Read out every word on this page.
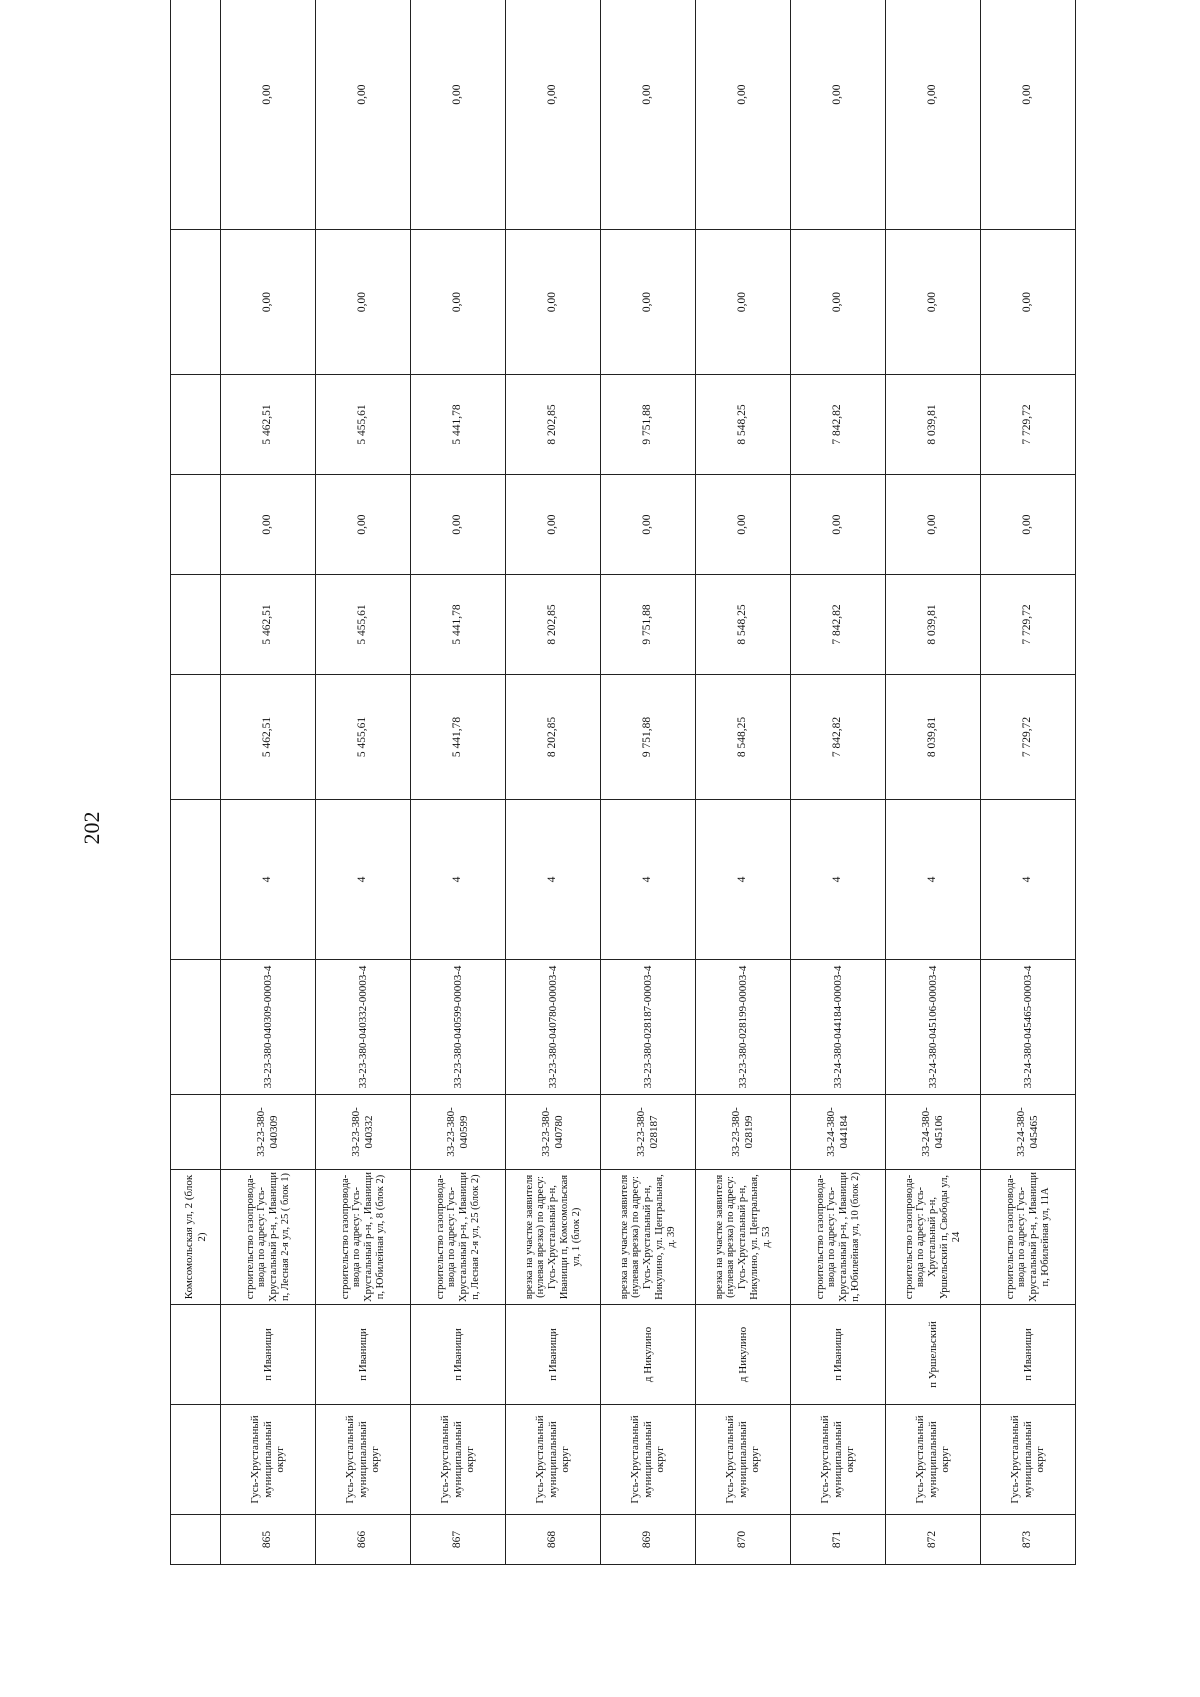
202
			Комсомольская ул, 2 (блок 2)									
865	Гусь-Хрустальный муниципальный округ	п Иванищи	строительство газопровода-ввода по адресу: Гусь-Хрустальный р-н, , Иванищи п, Лесная 2-я ул, 25 ( блок 1)	33-23-380-040309	33-23-380-040309-00003-4	4	5 462,51	5 462,51	0,00	5 462,51	0,00	0,00
866	Гусь-Хрустальный муниципальный округ	п Иванищи	строительство газопровода-ввода по адресу: Гусь-Хрустальный р-н, , Иванищи п, Юбилейная ул, 8 (блок 2)	33-23-380-040332	33-23-380-040332-00003-4	4	5 455,61	5 455,61	0,00	5 455,61	0,00	0,00
867	Гусь-Хрустальный муниципальный округ	п Иванищи	строительство газопровода-ввода по адресу: Гусь-Хрустальный р-н, , Иванищи п, Лесная 2-я ул, 25 (блок 2)	33-23-380-040599	33-23-380-040599-00003-4	4	5 441,78	5 441,78	0,00	5 441,78	0,00	0,00
868	Гусь-Хрустальный муниципальный округ	п Иванищи	врезка на участке заявителя (нулевая врезка) по адресу: Гусь-Хрустальный р-н, Иванищи п, Комсомольская ул, 1 (блок 2)	33-23-380-040780	33-23-380-040780-00003-4	4	8 202,85	8 202,85	0,00	8 202,85	0,00	0,00
869	Гусь-Хрустальный муниципальный округ	д Никулино	врезка на участке заявителя (нулевая врезка) по адресу: Гусь-Хрустальный р-н, Никулино, ул. Центральная, д. 39	33-23-380-028187	33-23-380-028187-00003-4	4	9 751,88	9 751,88	0,00	9 751,88	0,00	0,00
870	Гусь-Хрустальный муниципальный округ	д Никулино	врезка на участке заявителя (нулевая врезка) по адресу: Гусь-Хрустальный р-н, Никулино, ул. Центральная, д. 53	33-23-380-028199	33-23-380-028199-00003-4	4	8 548,25	8 548,25	0,00	8 548,25	0,00	0,00
871	Гусь-Хрустальный муниципальный округ	п Иванищи	строительство газопровода-ввода по адресу: Гусь-Хрустальный р-н, , Иванищи п, Юбилейная ул, 10 (блок 2)	33-24-380-044184	33-24-380-044184-00003-4	4	7 842,82	7 842,82	0,00	7 842,82	0,00	0,00
872	Гусь-Хрустальный муниципальный округ	п Уршельский	строительство газопровода-ввода по адресу: Гусь-Хрустальный р-н, Уршельский п, Свободы ул, 24	33-24-380-045106	33-24-380-045106-00003-4	4	8 039,81	8 039,81	0,00	8 039,81	0,00	0,00
873	Гусь-Хрустальный муниципальный округ	п Иванищи	строительство газопровода-ввода по адресу: Гусь-Хрустальный р-н, , Иванищи п, Юбилейная ул, 11А	33-24-380-045465	33-24-380-045465-00003-4	4	7 729,72	7 729,72	0,00	7 729,72	0,00	0,00
